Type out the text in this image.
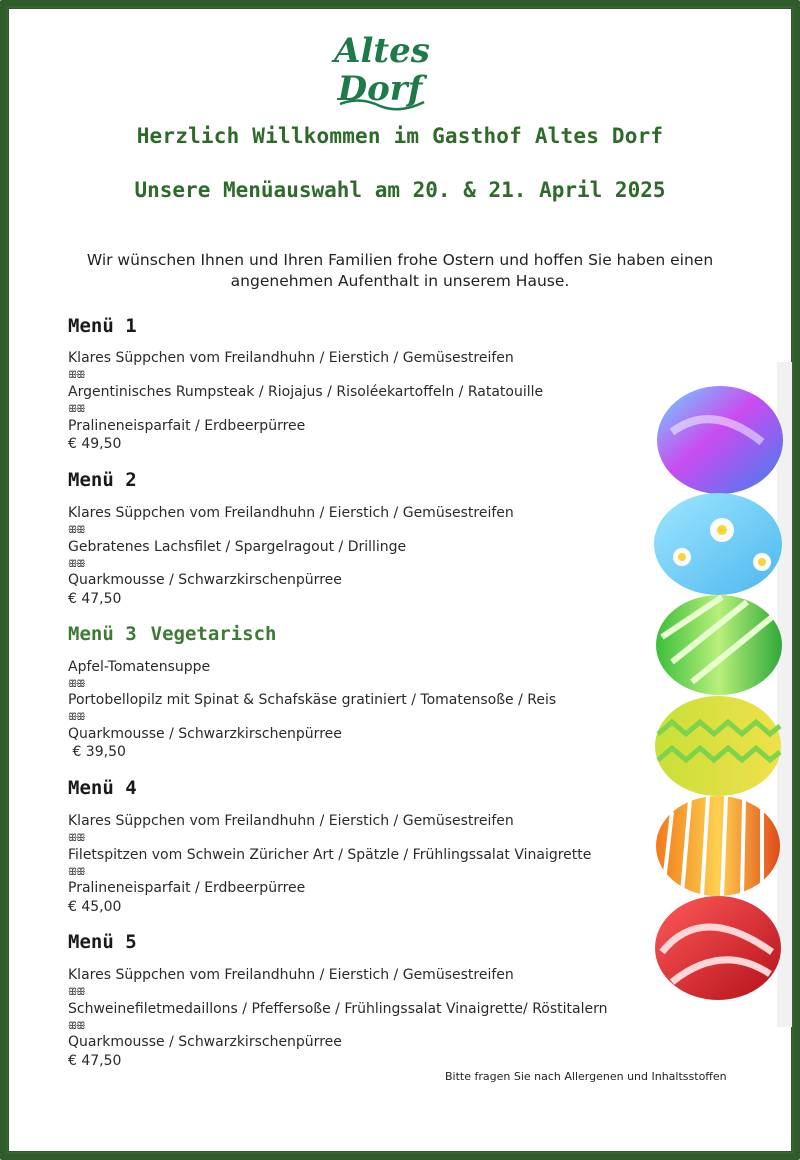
Altes
Dorf
Herzlich Willkommen im Gasthof Altes Dorf
Unsere Menüauswahl am 20. & 21. April 2025
Wir wünschen Ihnen und Ihren Familien frohe Ostern und hoffen Sie haben einen
angenehmen Aufenthalt in unserem Hause.
Menü 1
Klares Süppchen vom Freilandhuhn / Eierstich / Gemüsestreifen
ꕥꕥ
Argentinisches Rumpsteak / Riojajus / Risoléekartoffeln / Ratatouille
ꕥꕥ
Pralineneisparfait / Erdbeerpürree
€ 49,50
Menü 2
Klares Süppchen vom Freilandhuhn / Eierstich / Gemüsestreifen
ꕥꕥ
Gebratenes Lachsfilet / Spargelragout / Drillinge
ꕥꕥ
Quarkmousse / Schwarzkirschenpürree
€ 47,50
Menü 3 Vegetarisch
Apfel-Tomatensuppe
ꕥꕥ
Portobellopilz mit Spinat & Schafskäse gratiniert / Tomatensoße / Reis
ꕥꕥ
Quarkmousse / Schwarzkirschenpürree
€ 39,50
Menü 4
Klares Süppchen vom Freilandhuhn / Eierstich / Gemüsestreifen
ꕥꕥ
Filetspitzen vom Schwein Züricher Art / Spätzle / Frühlingssalat Vinaigrette
ꕥꕥ
Pralineneisparfait / Erdbeerpürree
€ 45,00
Menü 5
Klares Süppchen vom Freilandhuhn / Eierstich / Gemüsestreifen
ꕥꕥ
Schweinefiletmedaillons / Pfeffersoße / Frühlingssalat Vinaigrette/ Röstitalern
ꕥꕥ
Quarkmousse / Schwarzkirschenpürree
€ 47,50
Bitte fragen Sie nach Allergenen und Inhaltsstoffen
